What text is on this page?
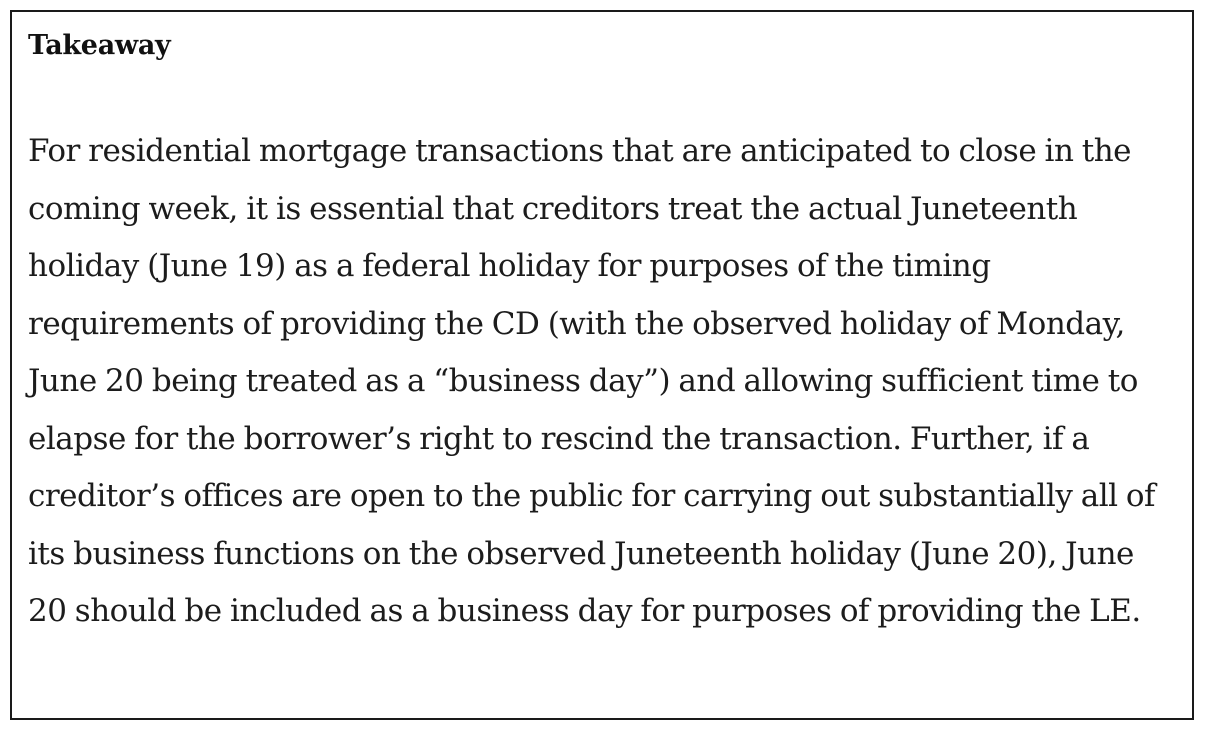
Takeaway

For residential mortgage transactions that are anticipated to close in the coming week, it is essential that creditors treat the actual Juneteenth holiday (June 19) as a federal holiday for purposes of the timing requirements of providing the CD (with the observed holiday of Monday, June 20 being treated as a “business day”) and allowing sufficient time to elapse for the borrower’s right to rescind the transaction. Further, if a creditor’s offices are open to the public for carrying out substantially all of its business functions on the observed Juneteenth holiday (June 20), June 20 should be included as a business day for purposes of providing the LE.
